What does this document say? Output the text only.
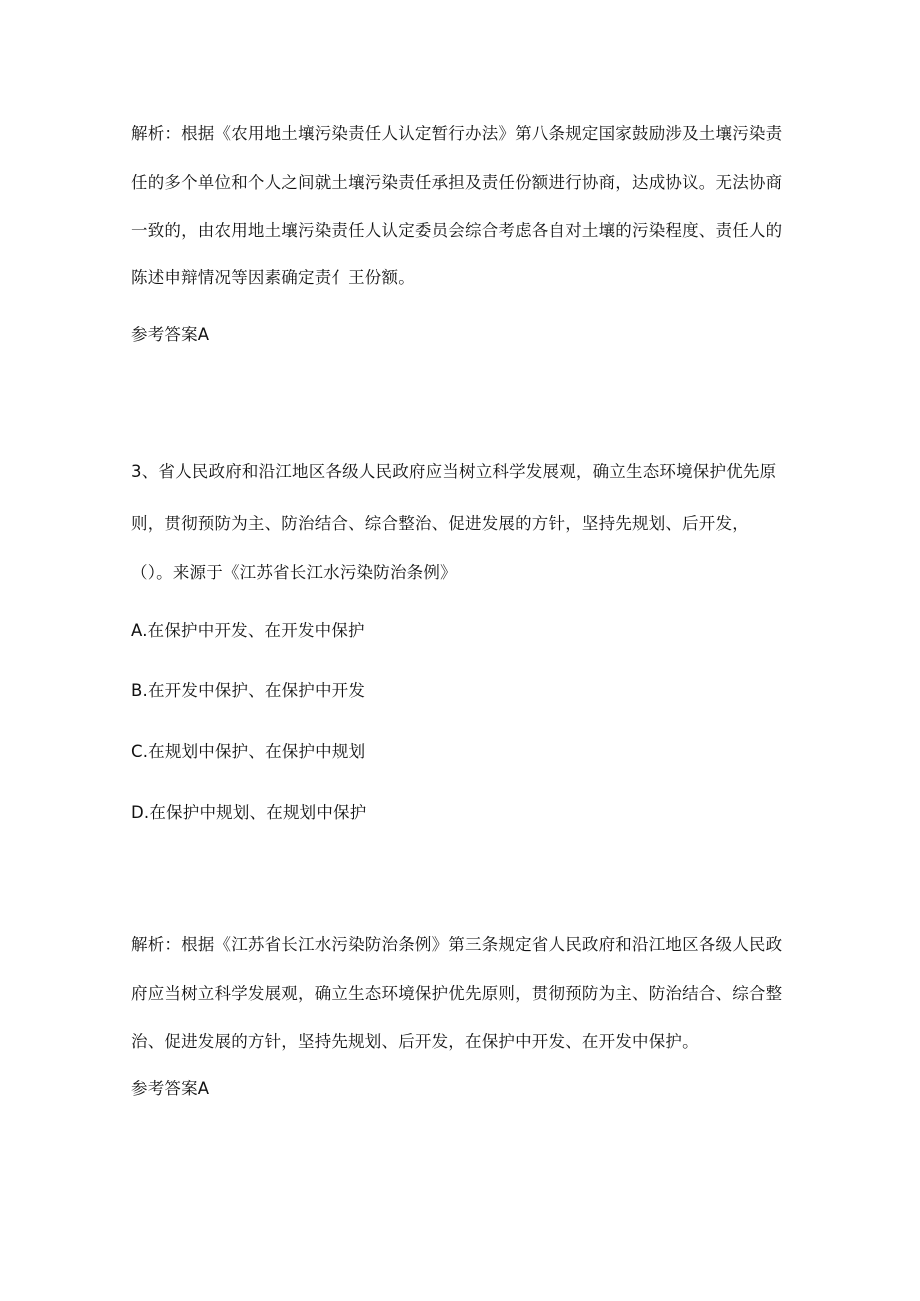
解析：根据《农用地土壤污染责任人认定暂行办法》第八条规定国家鼓励涉及土壤污染责
任的多个单位和个人之间就土壤污染责任承担及责任份额进行协商，达成协议。无法协商
一致的，由农用地土壤污染责任人认定委员会综合考虑各自对土壤的污染程度、责任人的
陈述申辩情况等因素确定责亻王份额。
参考答案A
3、省人民政府和沿江地区各级人民政府应当树立科学发展观，确立生态环境保护优先原
则，贯彻预防为主、防治结合、综合整治、促进发展的方针，坚持先规划、后开发，
（）。来源于《江苏省长江水污染防治条例》
A.在保护中开发、在开发中保护
B.在开发中保护、在保护中开发
C.在规划中保护、在保护中规划
D.在保护中规划、在规划中保护
解析：根据《江苏省长江水污染防治条例》第三条规定省人民政府和沿江地区各级人民政
府应当树立科学发展观，确立生态环境保护优先原则，贯彻预防为主、防治结合、综合整
治、促进发展的方针，坚持先规划、后开发，在保护中开发、在开发中保护。
参考答案A
